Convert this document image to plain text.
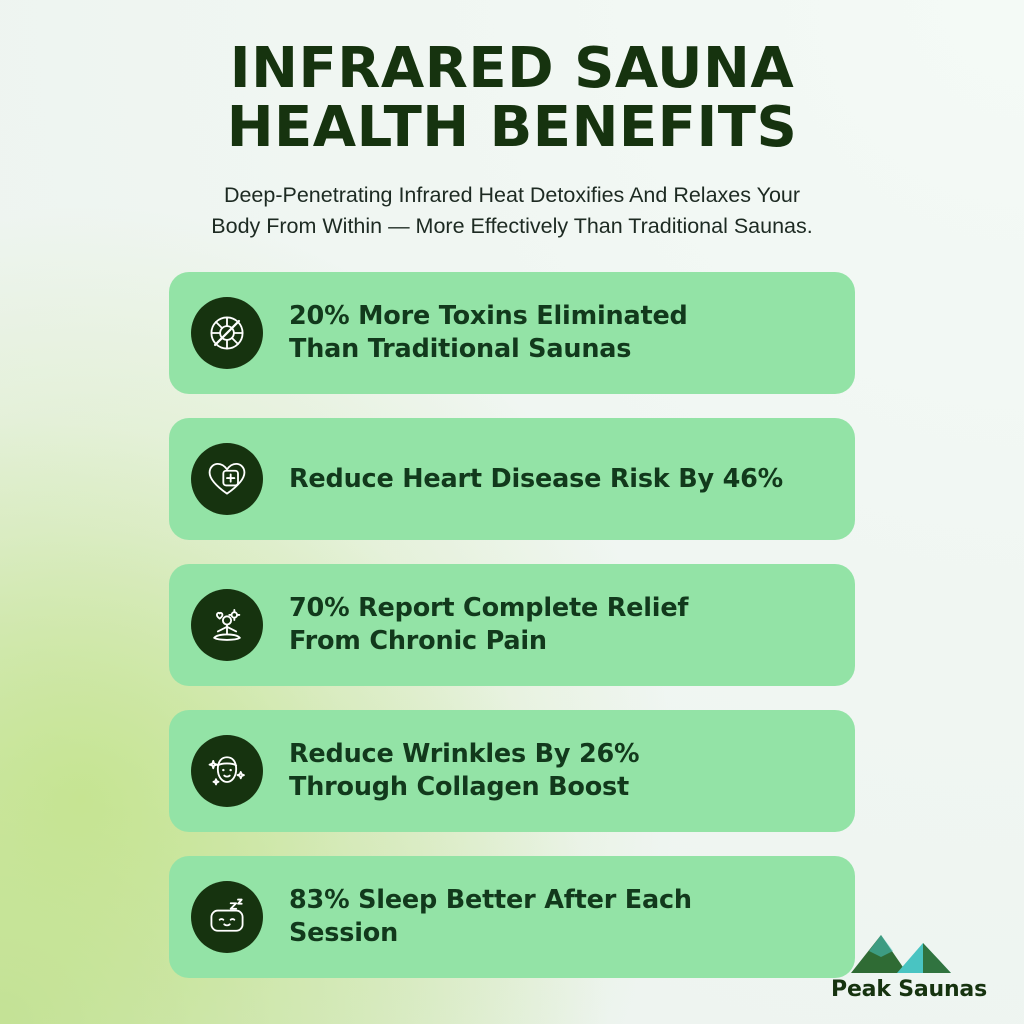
INFRARED SAUNA
HEALTH BENEFITS

Deep-Penetrating Infrared Heat Detoxifies And Relaxes Your
Body From Within — More Effectively Than Traditional Saunas.

20% More Toxins Eliminated
Than Traditional Saunas
Reduce Heart Disease Risk By 46%
70% Report Complete Relief
From Chronic Pain
Reduce Wrinkles By 26%
Through Collagen Boost
83% Sleep Better After Each
Session
Peak Saunas
